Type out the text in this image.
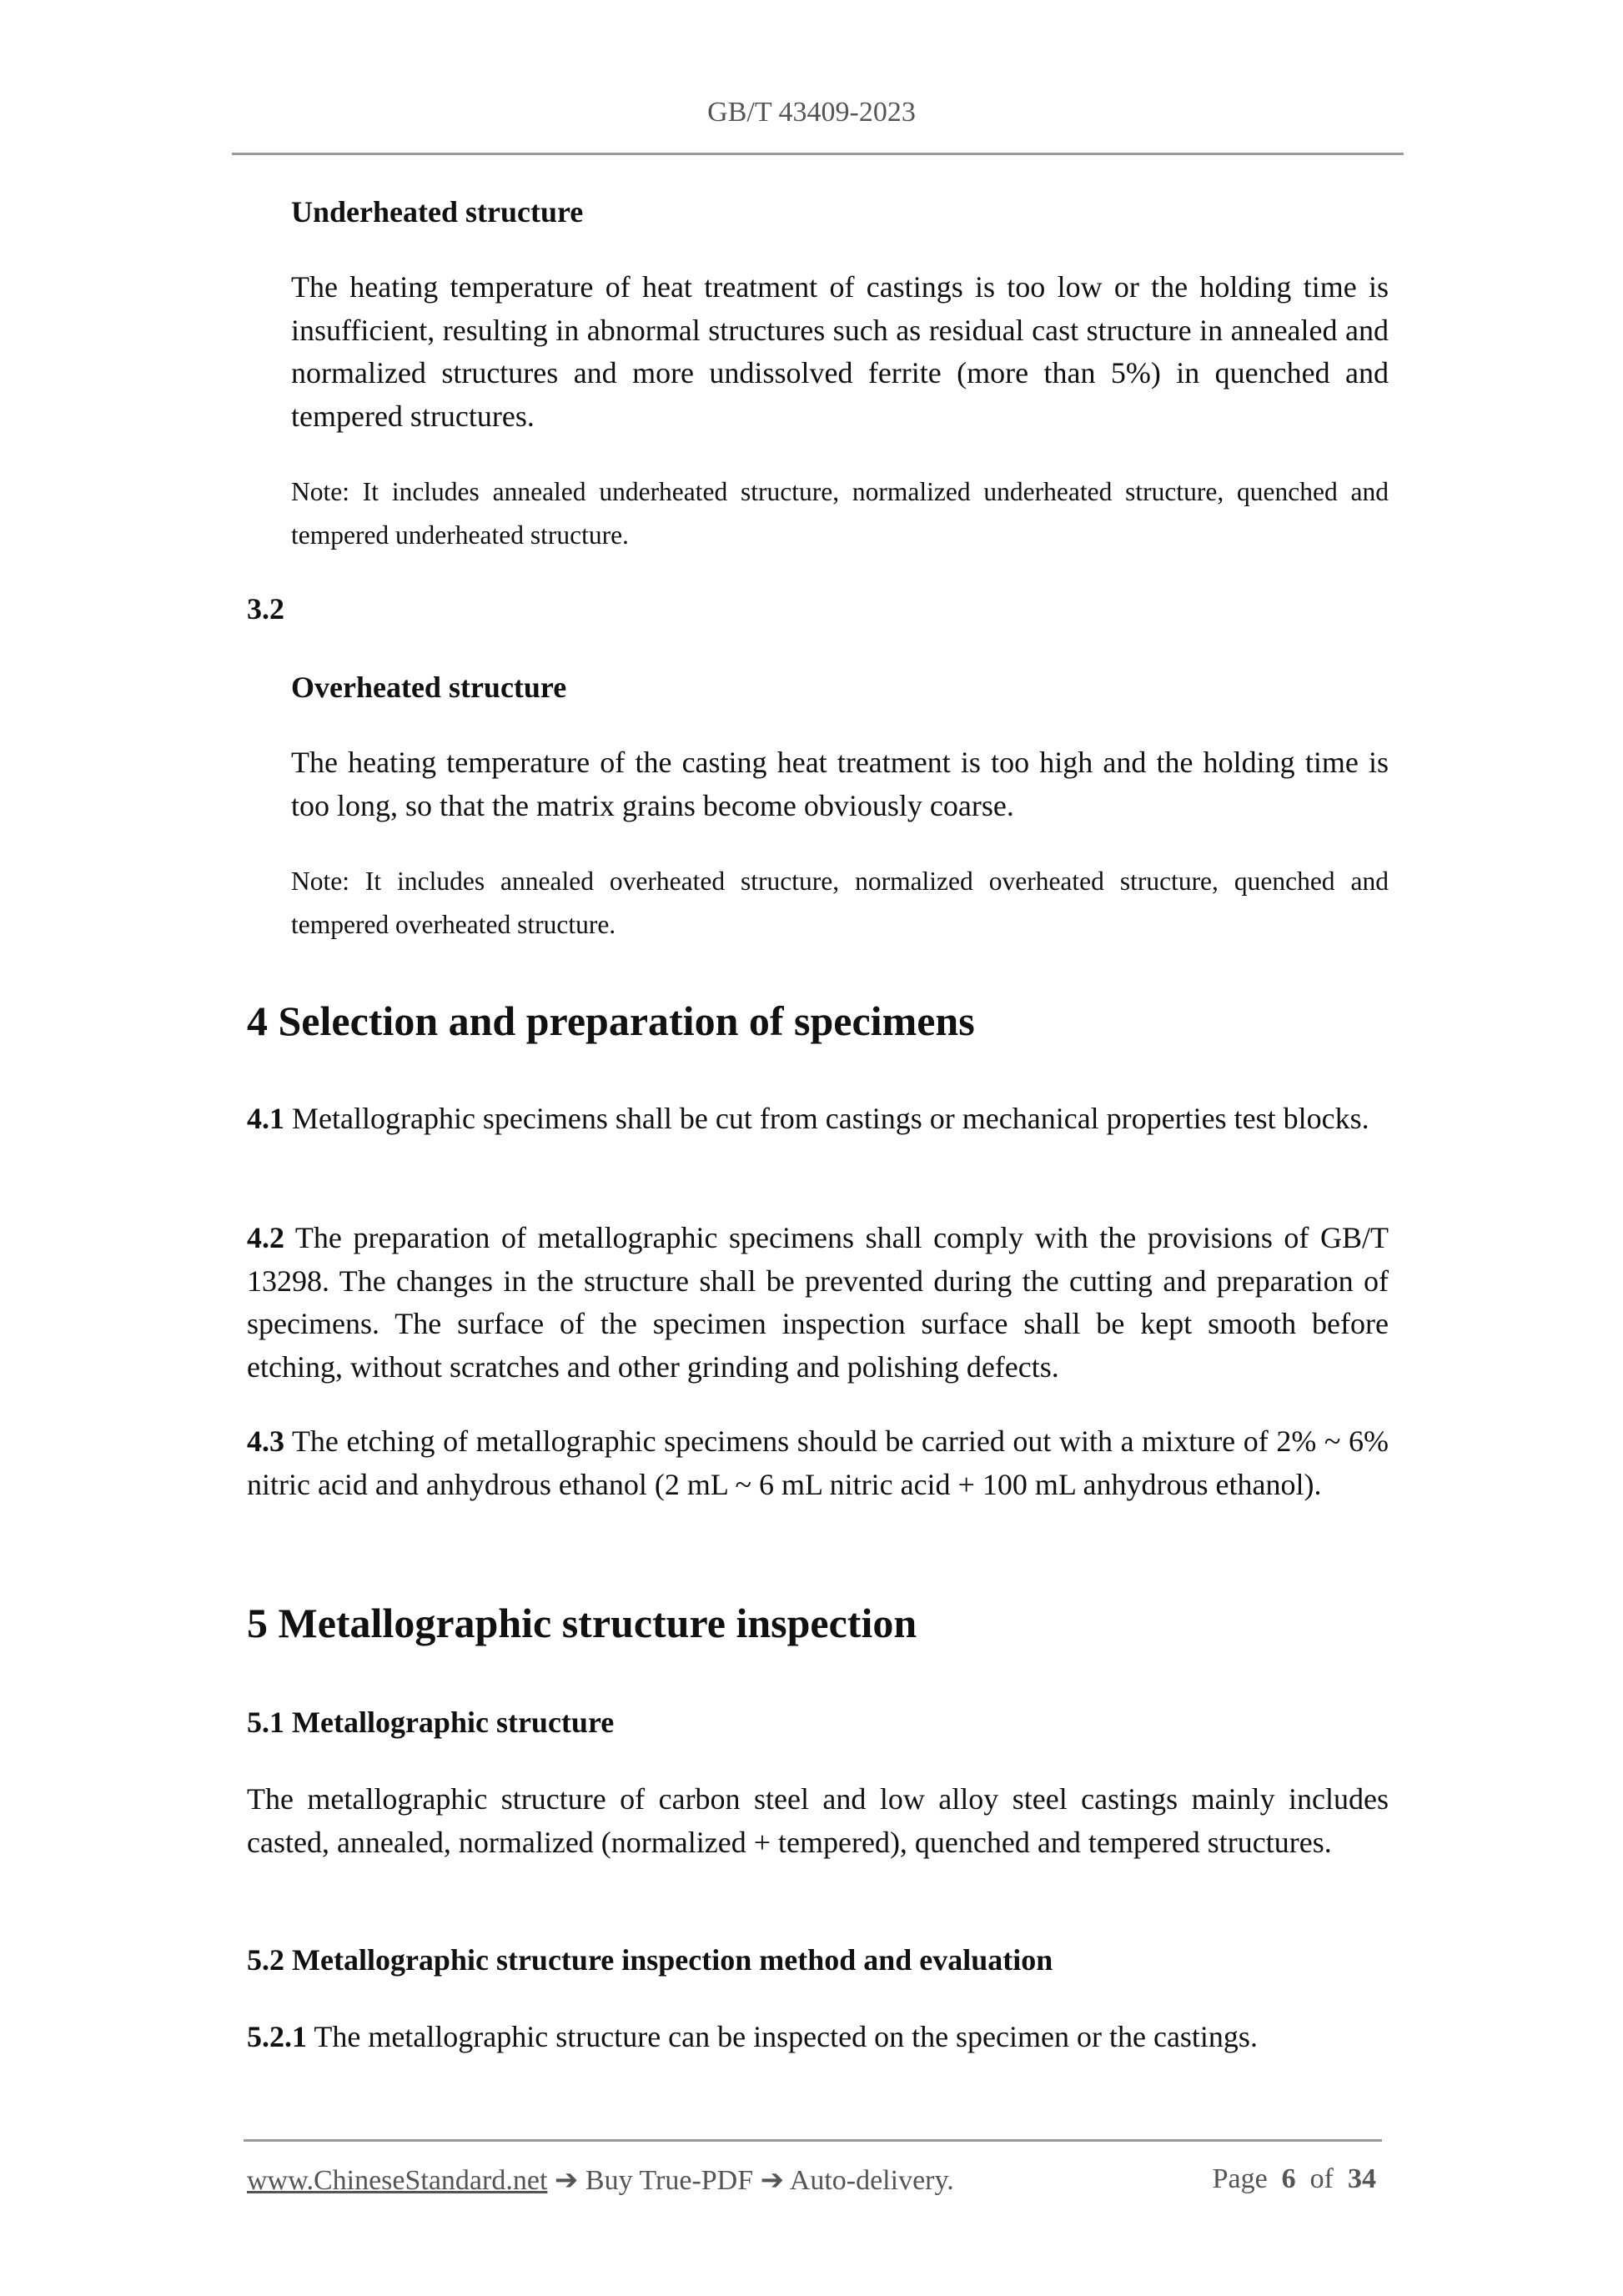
GB/T 43409-2023
Underheated structure
The heating temperature of heat treatment of castings is too low or the holding time is insufficient, resulting in abnormal structures such as residual cast structure in annealed and normalized structures and more undissolved ferrite (more than 5%) in quenched and tempered structures.
Note: It includes annealed underheated structure, normalized underheated structure, quenched and tempered underheated structure.
3.2
Overheated structure
The heating temperature of the casting heat treatment is too high and the holding time is too long, so that the matrix grains become obviously coarse.
Note: It includes annealed overheated structure, normalized overheated structure, quenched and tempered overheated structure.
4 Selection and preparation of specimens
4.1 Metallographic specimens shall be cut from castings or mechanical properties test blocks.
4.2 The preparation of metallographic specimens shall comply with the provisions of GB/T 13298. The changes in the structure shall be prevented during the cutting and preparation of specimens. The surface of the specimen inspection surface shall be kept smooth before etching, without scratches and other grinding and polishing defects.
4.3 The etching of metallographic specimens should be carried out with a mixture of 2% ~ 6% nitric acid and anhydrous ethanol (2 mL ~ 6 mL nitric acid + 100 mL anhydrous ethanol).
5 Metallographic structure inspection
5.1 Metallographic structure
The metallographic structure of carbon steel and low alloy steel castings mainly includes casted, annealed, normalized (normalized + tempered), quenched and tempered structures.
5.2 Metallographic structure inspection method and evaluation
5.2.1 The metallographic structure can be inspected on the specimen or the castings.
www.ChineseStandard.net ➔ Buy True-PDF ➔ Auto-delivery.	Page 6 of 34
